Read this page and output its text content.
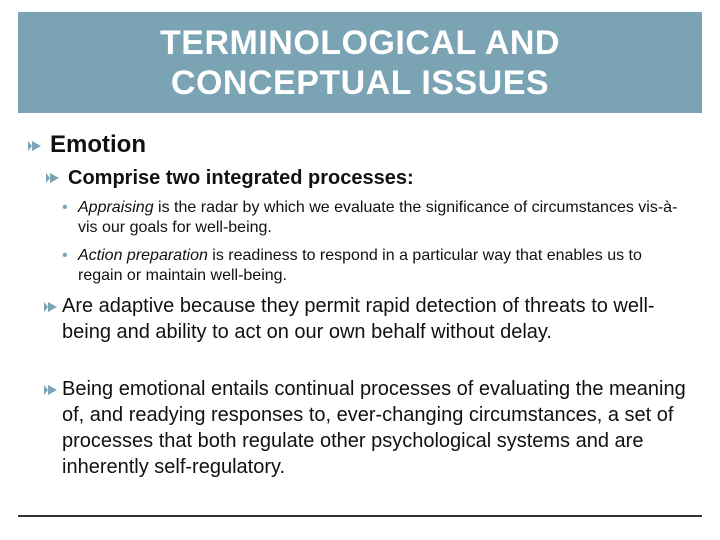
TERMINOLOGICAL AND
CONCEPTUAL ISSUES
Emotion
Comprise two integrated processes:
• Appraising is the radar by which we evaluate the significance of circumstances vis-à-vis our goals for well-being.
• Action preparation is readiness to respond in a particular way that enables us to regain or maintain well-being.
Are adaptive because they permit rapid detection of threats to well-being and ability to act on our own behalf without delay.
Being emotional entails continual processes of evaluating the meaning of, and readying responses to, ever-changing circumstances, a set of processes that both regulate other psychological systems and are inherently self-regulatory.
